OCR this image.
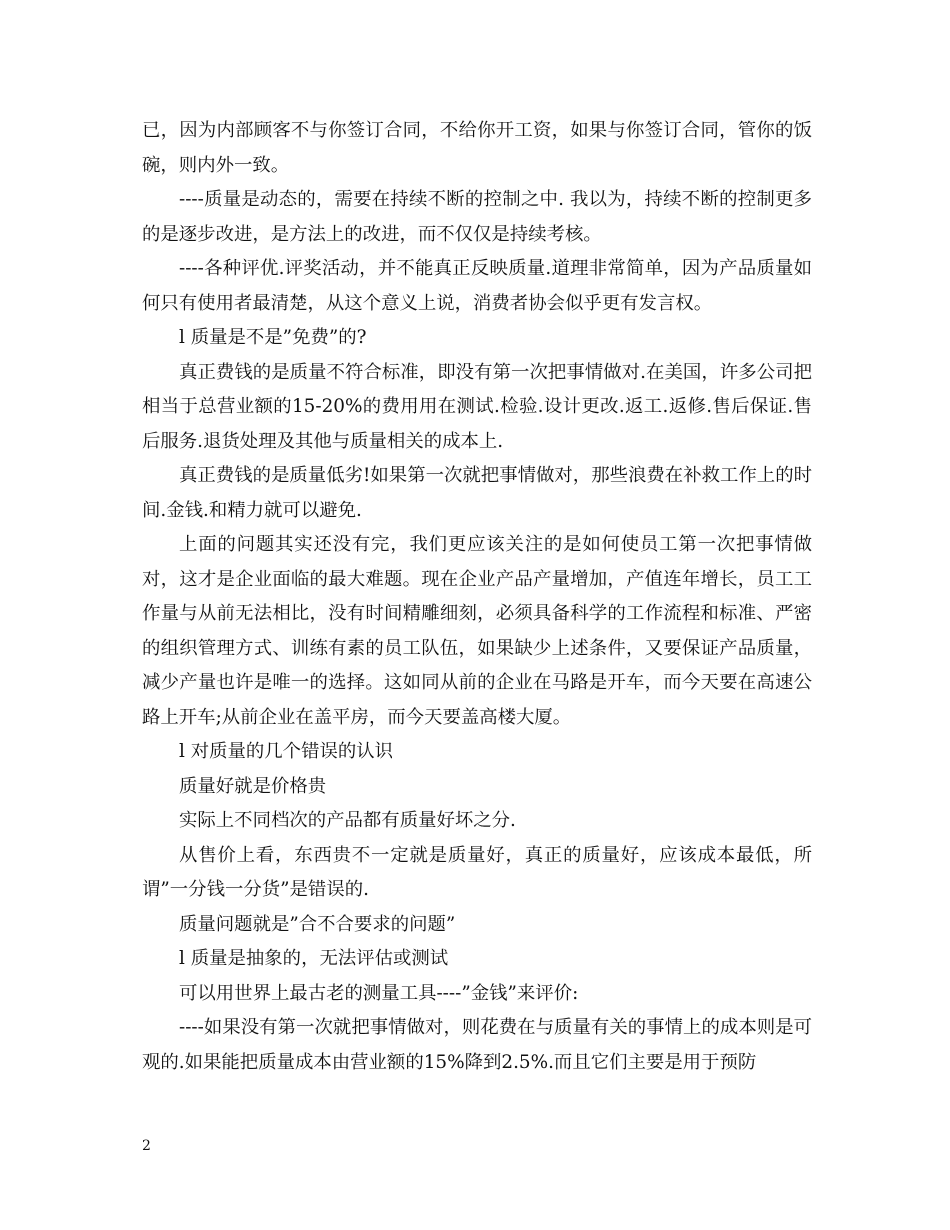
已，因为内部顾客不与你签订合同，不给你开工资，如果与你签订合同，管你的饭碗，则内外一致。

----质量是动态的，需要在持续不断的控制之中. 我以为，持续不断的控制更多的是逐步改进，是方法上的改进，而不仅仅是持续考核。

----各种评优.评奖活动，并不能真正反映质量.道理非常简单，因为产品质量如何只有使用者最清楚，从这个意义上说，消费者协会似乎更有发言权。

l 质量是不是”免费”的?

真正费钱的是质量不符合标准，即没有第一次把事情做对.在美国，许多公司把相当于总营业额的15-20%的费用用在测试.检验.设计更改.返工.返修.售后保证.售后服务.退货处理及其他与质量相关的成本上.

真正费钱的是质量低劣!如果第一次就把事情做对，那些浪费在补救工作上的时间.金钱.和精力就可以避免.

上面的问题其实还没有完，我们更应该关注的是如何使员工第一次把事情做对，这才是企业面临的最大难题。现在企业产品产量增加，产值连年增长，员工工作量与从前无法相比，没有时间精雕细刻，必须具备科学的工作流程和标准、严密的组织管理方式、训练有素的员工队伍，如果缺少上述条件，又要保证产品质量，减少产量也许是唯一的选择。这如同从前的企业在马路是开车，而今天要在高速公路上开车;从前企业在盖平房，而今天要盖高楼大厦。

l 对质量的几个错误的认识

质量好就是价格贵

实际上不同档次的产品都有质量好坏之分.

从售价上看，东西贵不一定就是质量好，真正的质量好，应该成本最低，所谓”一分钱一分货”是错误的.

质量问题就是”合不合要求的问题”

l 质量是抽象的，无法评估或测试

可以用世界上最古老的测量工具----”金钱”来评价:

----如果没有第一次就把事情做对，则花费在与质量有关的事情上的成本则是可观的.如果能把质量成本由营业额的15%降到2.5%.而且它们主要是用于预防

2
